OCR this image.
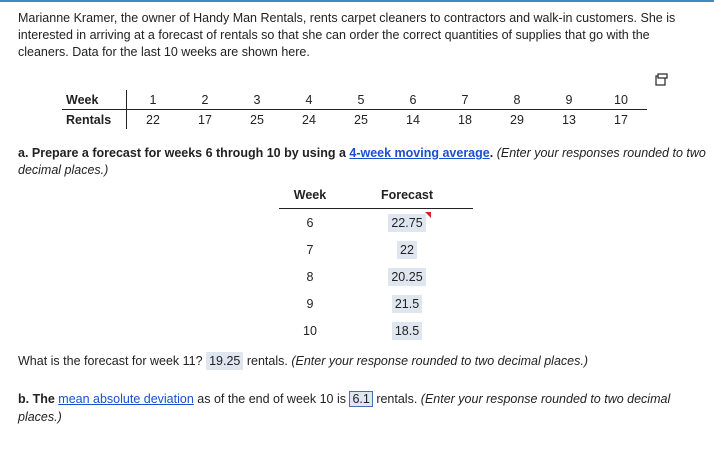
Marianne Kramer, the owner of Handy Man Rentals, rents carpet cleaners to contractors and walk-in customers. She is interested in arriving at a forecast of rentals so that she can order the correct quantities of supplies that go with the cleaners. Data for the last 10 weeks are shown here.

Week	1	2	3	4	5	6	7	8	9	10
Rentals	22	17	25	24	25	14	18	29	13	17

a. Prepare a forecast for weeks 6 through 10 by using a 4-week moving average. (Enter your responses rounded to two decimal places.)

Week	Forecast
6	22.75
7	22
8	20.25
9	21.5
10	18.5

What is the forecast for week 11? 19.25 rentals. (Enter your response rounded to two decimal places.)

b. The mean absolute deviation as of the end of week 10 is 6.1 rentals. (Enter your response rounded to two decimal places.)
